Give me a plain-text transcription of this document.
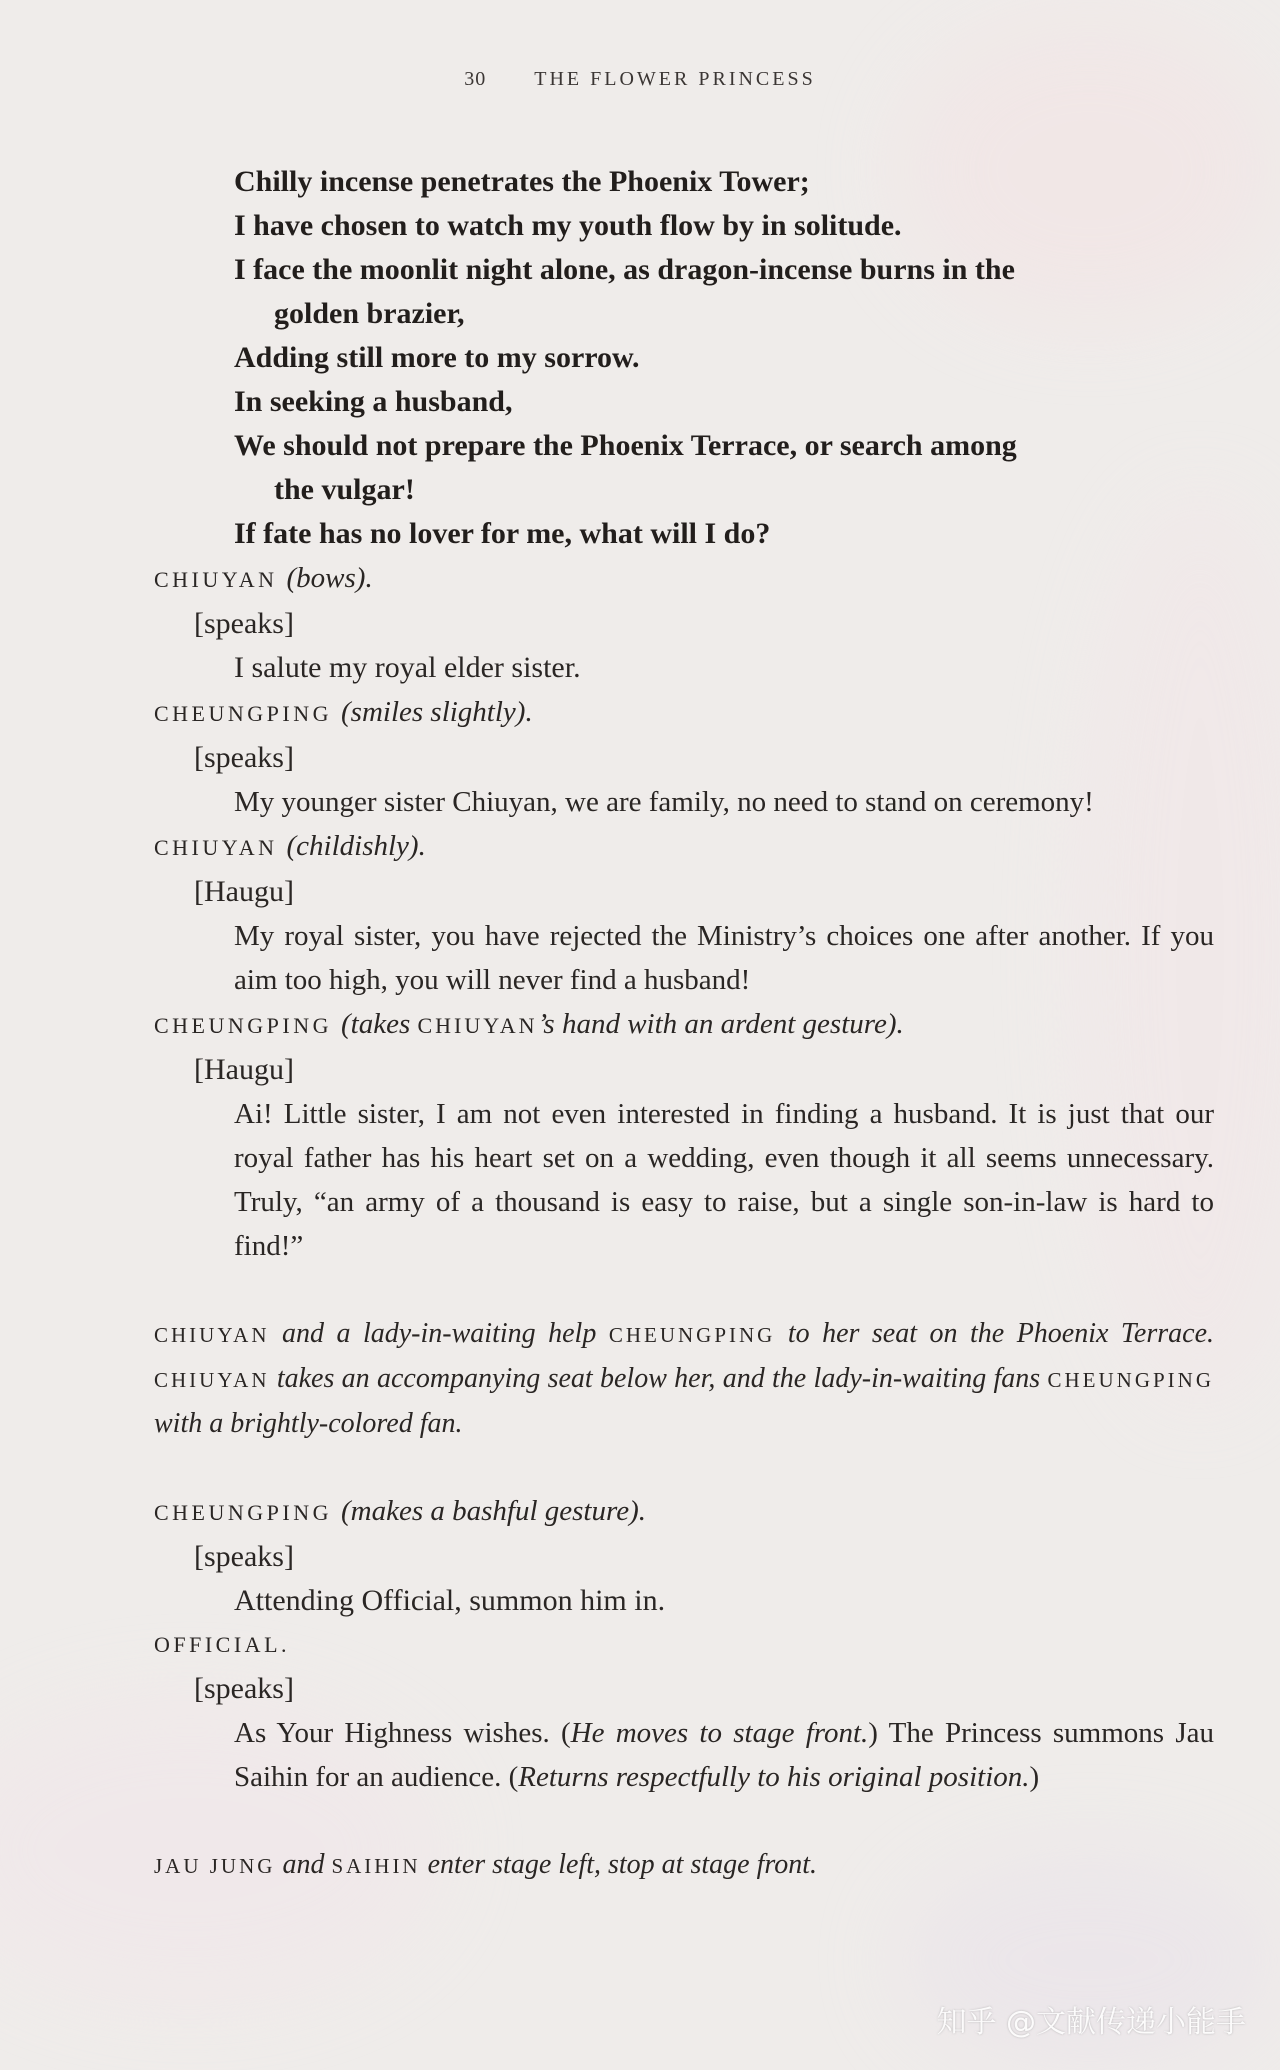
30 THE FLOWER PRINCESS
Chilly incense penetrates the Phoenix Tower;
I have chosen to watch my youth flow by in solitude.
I face the moonlit night alone, as dragon-incense burns in the
golden brazier,
Adding still more to my sorrow.
In seeking a husband,
We should not prepare the Phoenix Terrace, or search among
the vulgar!
If fate has no lover for me, what will I do?
CHIUYAN (bows).
[speaks]
I salute my royal elder sister.
CHEUNGPING (smiles slightly).
[speaks]
My younger sister Chiuyan, we are family, no need to stand on ceremony!
CHIUYAN (childishly).
[Haugu]
My royal sister, you have rejected the Ministry’s choices one after another. If you aim too high, you will never find a husband!
CHEUNGPING (takes CHIUYAN’s hand with an ardent gesture).
[Haugu]
Ai! Little sister, I am not even interested in finding a husband. It is just that our royal father has his heart set on a wedding, even though it all seems unnecessary. Truly, “an army of a thousand is easy to raise, but a single son-in-law is hard to find!”
CHIUYAN and a lady-in-waiting help CHEUNGPING to her seat on the Phoenix Terrace. CHIUYAN takes an accompanying seat below her, and the lady-in-waiting fans CHEUNGPING with a brightly-colored fan.
CHEUNGPING (makes a bashful gesture).
[speaks]
Attending Official, summon him in.
OFFICIAL.
[speaks]
As Your Highness wishes. (He moves to stage front.) The Princess summons Jau Saihin for an audience. (Returns respectfully to his original position.)
JAU JUNG and SAIHIN enter stage left, stop at stage front.
知乎 @文献传递小能手
